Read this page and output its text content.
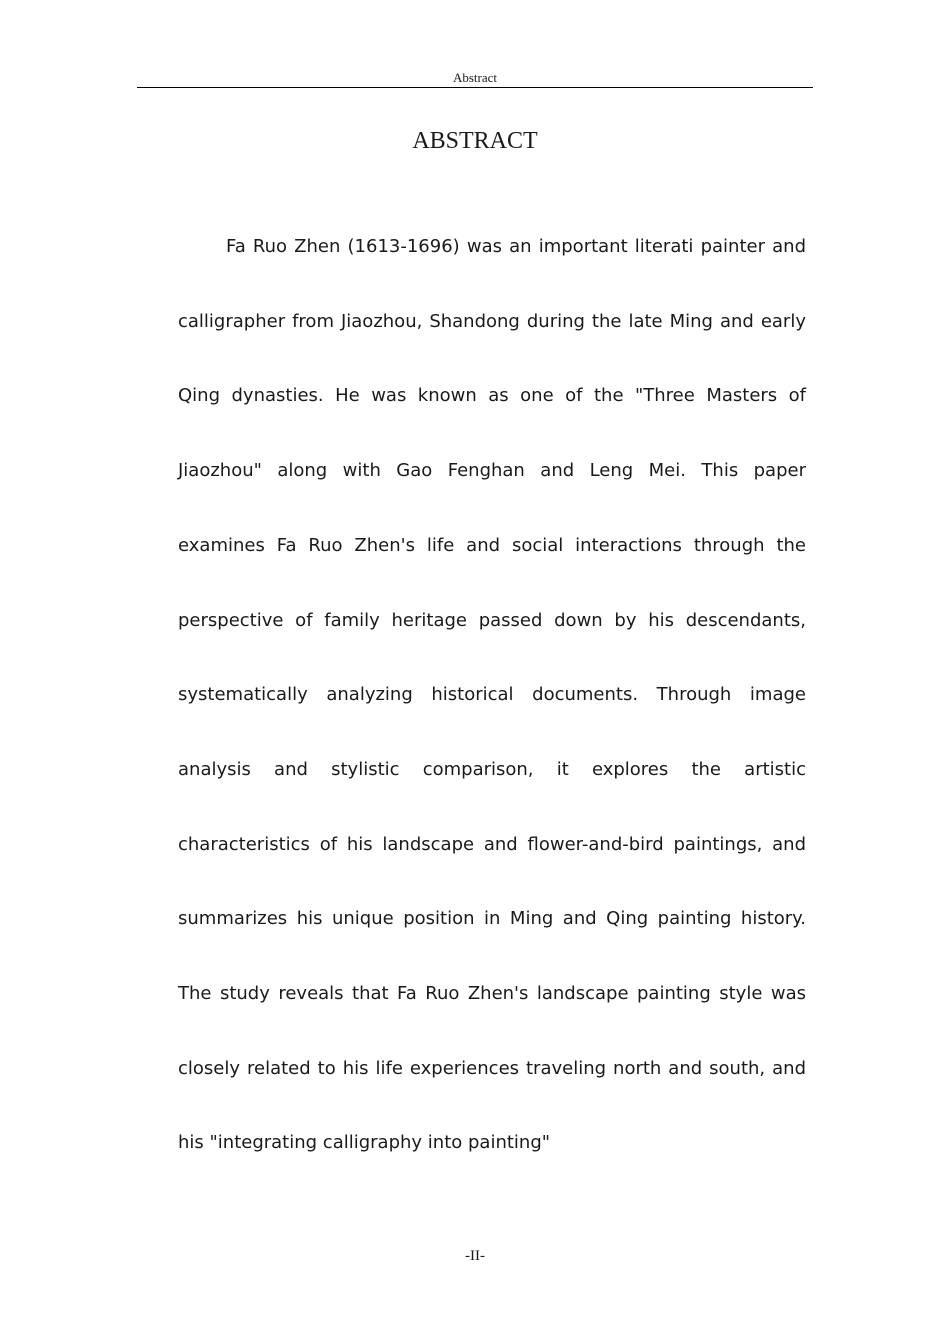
Abstract
ABSTRACT

Fa Ruo Zhen (1613-1696) was an important literati painter and calligrapher from Jiaozhou, Shandong during the late Ming and early Qing dynasties. He was known as one of the "Three Masters of Jiaozhou" along with Gao Fenghan and Leng Mei. This paper examines Fa Ruo Zhen's life and social interactions through the perspective of family heritage passed down by his descendants, systematically analyzing historical documents. Through image analysis and stylistic comparison, it explores the artistic characteristics of his landscape and flower-and-bird paintings, and summarizes his unique position in Ming and Qing painting history. The study reveals that Fa Ruo Zhen's landscape painting style was closely related to his life experiences traveling north and south, and his "integrating calligraphy into painting"

-II-
